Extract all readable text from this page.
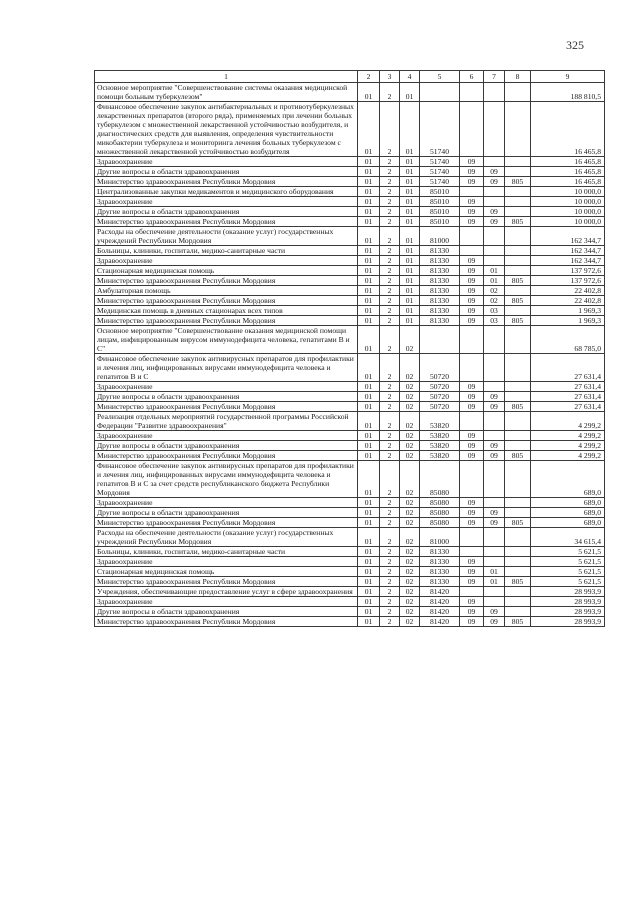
325
1	2	3	4	5	6	7	8	9
Основное мероприятие "Совершенствование системы оказания медицинской помощи больным туберкулезом"	01	2	01					188 810,5
Финансовое обеспечение закупок антибактериальных и противотуберкулезных лекарственных препаратов (второго ряда), применяемых при лечении больных туберкулезом с множественной лекарственной устойчивостью возбудителя, и диагностических средств для выявления, определения чувствительности микобактерии туберкулеза и мониторинга лечения больных туберкулезом с множественной лекарственной устойчивостью возбудителя	01	2	01	51740				16 465,8
Здравоохранение	01	2	01	51740	09			16 465,8
Другие вопросы в области здравоохранения	01	2	01	51740	09	09		16 465,8
Министерство здравоохранения Республики Мордовия	01	2	01	51740	09	09	805	16 465,8
Централизованные закупки медикаментов и медицинского оборудования	01	2	01	85010				10 000,0
Здравоохранение	01	2	01	85010	09			10 000,0
Другие вопросы в области здравоохранения	01	2	01	85010	09	09		10 000,0
Министерство здравоохранения Республики Мордовия	01	2	01	85010	09	09	805	10 000,0
Расходы на обеспечение деятельности (оказание услуг) государственных учреждений Республики Мордовия	01	2	01	81000				162 344,7
Больницы, клиники, госпитали, медико-санитарные части	01	2	01	81330				162 344,7
Здравоохранение	01	2	01	81330	09			162 344,7
Стационарная медицинская помощь	01	2	01	81330	09	01		137 972,6
Министерство здравоохранения Республики Мордовия	01	2	01	81330	09	01	805	137 972,6
Амбулаторная помощь	01	2	01	81330	09	02		22 402,8
Министерство здравоохранения Республики Мордовия	01	2	01	81330	09	02	805	22 402,8
Медицинская помощь в дневных стационарах всех типов	01	2	01	81330	09	03		1 969,3
Министерство здравоохранения Республики Мордовия	01	2	01	81330	09	03	805	1 969,3
Основное мероприятие "Совершенствование оказания медицинской помощи лицам, инфицированным вирусом иммунодефицита человека, гепатитами В и С"	01	2	02					68 785,0
Финансовое обеспечение закупок антивирусных препаратов для профилактики и лечения лиц, инфицированных вирусами иммунодефицита человека и гепатитов В и С	01	2	02	50720				27 631,4
Здравоохранение	01	2	02	50720	09			27 631,4
Другие вопросы в области здравоохранения	01	2	02	50720	09	09		27 631,4
Министерство здравоохранения Республики Мордовия	01	2	02	50720	09	09	805	27 631,4
Реализация отдельных мероприятий государственной программы Российской Федерации "Развитие здравоохранения"	01	2	02	53820				4 299,2
Здравоохранение	01	2	02	53820	09			4 299,2
Другие вопросы в области здравоохранения	01	2	02	53820	09	09		4 299,2
Министерство здравоохранения Республики Мордовия	01	2	02	53820	09	09	805	4 299,2
Финансовое обеспечение закупок антивирусных препаратов для профилактики и лечения лиц, инфицированных вирусами иммунодефицита человека и гепатитов В и С за счет средств республиканского бюджета Республики Мордовия	01	2	02	85080				689,0
Здравоохранение	01	2	02	85080	09			689,0
Другие вопросы в области здравоохранения	01	2	02	85080	09	09		689,0
Министерство здравоохранения Республики Мордовия	01	2	02	85080	09	09	805	689,0
Расходы на обеспечение деятельности (оказание услуг) государственных учреждений Республики Мордовия	01	2	02	81000				34 615,4
Больницы, клиники, госпитали, медико-санитарные части	01	2	02	81330				5 621,5
Здравоохранение	01	2	02	81330	09			5 621,5
Стационарная медицинская помощь	01	2	02	81330	09	01		5 621,5
Министерство здравоохранения Республики Мордовия	01	2	02	81330	09	01	805	5 621,5
Учреждения, обеспечивающие предоставление услуг в сфере здравоохранения	01	2	02	81420				28 993,9
Здравоохранение	01	2	02	81420	09			28 993,9
Другие вопросы в области здравоохранения	01	2	02	81420	09	09		28 993,9
Министерство здравоохранения Республики Мордовия	01	2	02	81420	09	09	805	28 993,9
